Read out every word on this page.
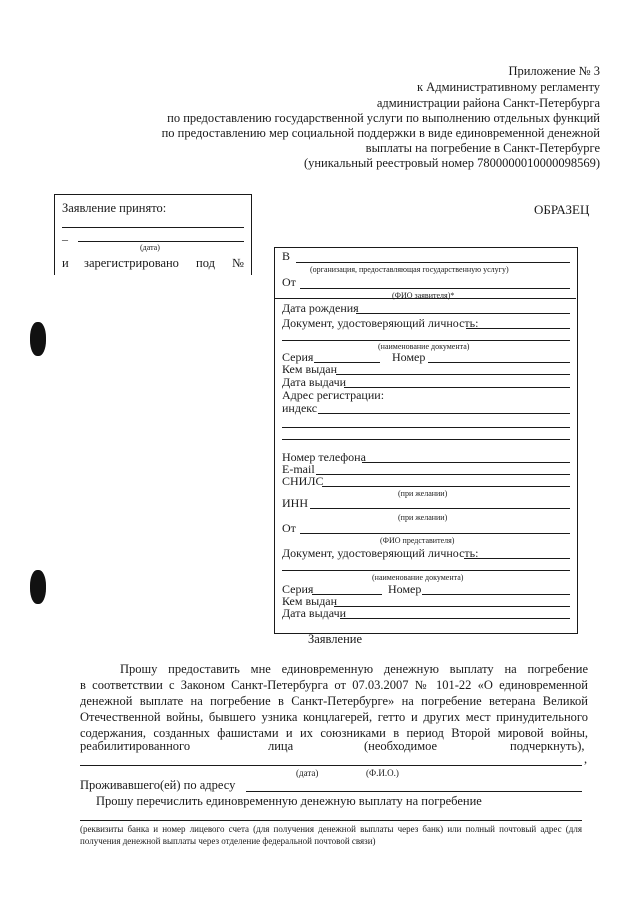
Приложение № 3
к Административному регламенту
администрации района Санкт-Петербурга
по предоставлению государственной услуги по выполнению отдельных функций
по предоставлению мер социальной поддержки в виде единовременной денежной
выплаты на погребение в Санкт-Петербурге
(уникальный реестровый номер 7800000010000098569)
ОБРАЗЕЦ
Заявление принято:
–
(дата)
и зарегистрировано под №	В
(организация, предоставляющая государственную услугу)
От
(ФИО заявителя)*
Дата рождения
Документ, удостоверяющий личность:
(наименование документа)
Серия	Номер
Кем выдан
Дата выдачи
Адрес регистрации:
индекс
Номер телефона
E-mail
СНИЛС
(при желании)
ИНН
(при желании)
От
(ФИО представителя)
Документ, удостоверяющий личность:
(наименование документа)
Серия	Номер
Кем выдан
Дата выдачи
Заявление
Прошу предоставить мне единовременную денежную выплату на погребение
в соответствии с Законом Санкт-Петербурга от 07.03.2007 № 101-22 «О единовременной
денежной выплате на погребение в Санкт-Петербурге» на погребение ветерана Великой
Отечественной войны, бывшего узника концлагерей, гетто и других мест принудительного
содержания, созданных фашистами и их союзниками в период Второй мировой войны,
реабилитированного	лица	(необходимое	подчеркнуть),
,
(дата)	(Ф.И.О.)
Проживавшего(ей) по адресу
Прошу перечислить единовременную денежную выплату на погребение
(реквизиты банка и номер лицевого счета (для получения денежной выплаты через банк) или полный почтовый адрес (для получения денежной выплаты через отделение федеральной почтовой связи)
